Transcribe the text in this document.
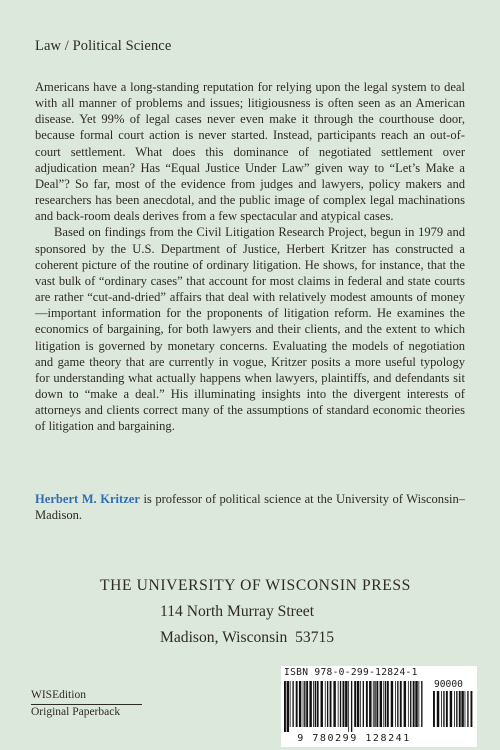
Law / Political Science

Americans have a long-standing reputation for relying upon the legal system to deal with all manner of problems and issues; litigiousness is often seen as an American disease. Yet 99% of legal cases never even make it through the courthouse door, because formal court action is never started. Instead, participants reach an out-of-court settlement. What does this dominance of negotiated settlement over adjudication mean? Has “Equal Justice Under Law” given way to “Let’s Make a Deal”? So far, most of the evidence from judges and lawyers, policy makers and researchers has been anecdotal, and the public image of complex legal machinations and back-room deals derives from a few spectacular and atypical cases.

Based on findings from the Civil Litigation Research Project, begun in 1979 and sponsored by the U.S. Department of Justice, Herbert Kritzer has constructed a coherent picture of the routine of ordinary litigation. He shows, for instance, that the vast bulk of “ordinary cases” that account for most claims in federal and state courts are rather “cut-and-dried” affairs that deal with relatively modest amounts of money—important information for the proponents of litigation reform. He examines the economics of bargaining, for both lawyers and their clients, and the extent to which litigation is governed by monetary concerns. Evaluating the models of negotiation and game theory that are currently in vogue, Kritzer posits a more useful typology for understanding what actually happens when lawyers, plaintiffs, and defendants sit down to “make a deal.” His illuminating insights into the divergent interests of attorneys and clients correct many of the assumptions of standard economic theories of litigation and bargaining.

Herbert M. Kritzer is professor of political science at the University of Wisconsin–Madison.

THE UNIVERSITY OF WISCONSIN PRESS
114 North Murray Street
Madison, Wisconsin  53715
WISEdition
Original Paperback
ISBN 978-0-299-12824-1
90000
9 780299 128241
